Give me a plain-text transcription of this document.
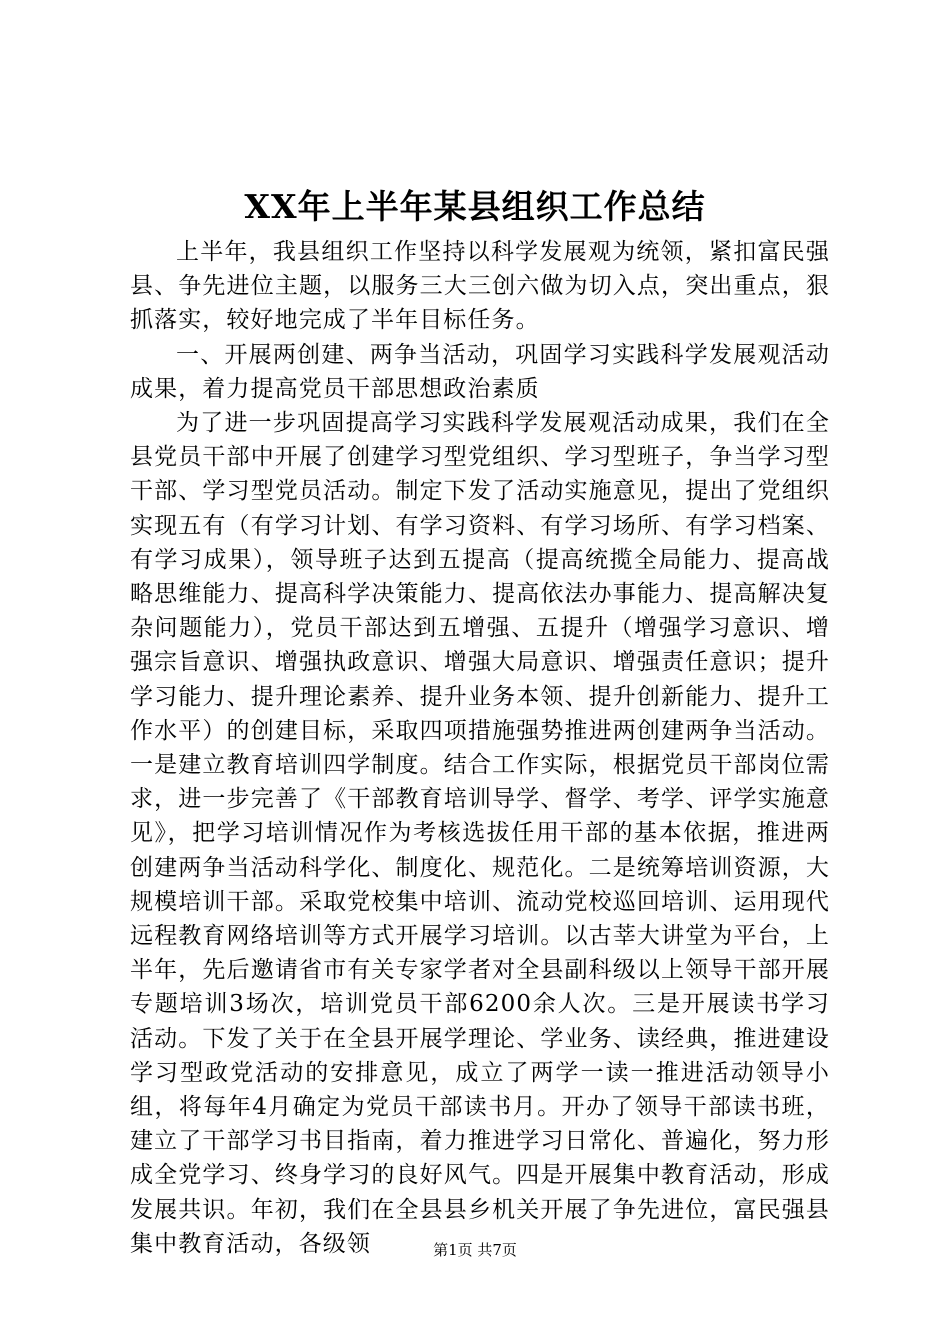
XX年上半年某县组织工作总结

上半年，我县组织工作坚持以科学发展观为统领，紧扣富民强县、争先进位主题，以服务三大三创六做为切入点，突出重点，狠抓落实，较好地完成了半年目标任务。

一、开展两创建、两争当活动，巩固学习实践科学发展观活动成果，着力提高党员干部思想政治素质

为了进一步巩固提高学习实践科学发展观活动成果，我们在全县党员干部中开展了创建学习型党组织、学习型班子，争当学习型干部、学习型党员活动。制定下发了活动实施意见，提出了党组织实现五有（有学习计划、有学习资料、有学习场所、有学习档案、有学习成果），领导班子达到五提高（提高统揽全局能力、提高战略思维能力、提高科学决策能力、提高依法办事能力、提高解决复杂问题能力），党员干部达到五增强、五提升（增强学习意识、增强宗旨意识、增强执政意识、增强大局意识、增强责任意识；提升学习能力、提升理论素养、提升业务本领、提升创新能力、提升工作水平）的创建目标，采取四项措施强势推进两创建两争当活动。一是建立教育培训四学制度。结合工作实际，根据党员干部岗位需求，进一步完善了《干部教育培训导学、督学、考学、评学实施意见》，把学习培训情况作为考核选拔任用干部的基本依据，推进两创建两争当活动科学化、制度化、规范化。二是统筹培训资源，大规模培训干部。采取党校集中培训、流动党校巡回培训、运用现代远程教育网络培训等方式开展学习培训。以古莘大讲堂为平台，上半年，先后邀请省市有关专家学者对全县副科级以上领导干部开展专题培训3场次，培训党员干部6200余人次。三是开展读书学习活动。下发了关于在全县开展学理论、学业务、读经典，推进建设学习型政党活动的安排意见，成立了两学一读一推进活动领导小组，将每年4月确定为党员干部读书月。开办了领导干部读书班，建立了干部学习书目指南，着力推进学习日常化、普遍化，努力形成全党学习、终身学习的良好风气。四是开展集中教育活动，形成发展共识。年初，我们在全县县乡机关开展了争先进位，富民强县集中教育活动，各级领	第1页 共7页
